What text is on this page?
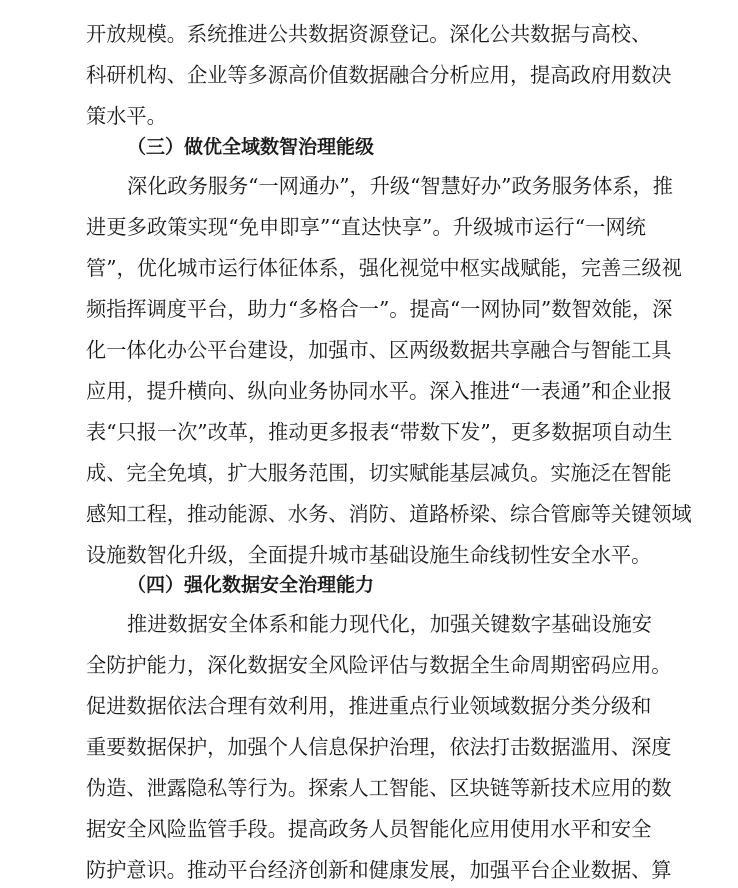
开放规模。系统推进公共数据资源登记。深化公共数据与高校、
科研机构、企业等多源高价值数据融合分析应用，提高政府用数决
策水平。
（三）做优全域数智治理能级
深化政务服务“一网通办”，升级“智慧好办”政务服务体系，推
进更多政策实现“免申即享”“直达快享”。升级城市运行“一网统
管”，优化城市运行体征体系，强化视觉中枢实战赋能，完善三级视
频指挥调度平台，助力“多格合一”。提高“一网协同”数智效能，深
化一体化办公平台建设，加强市、区两级数据共享融合与智能工具
应用，提升横向、纵向业务协同水平。深入推进“一表通”和企业报
表“只报一次”改革，推动更多报表“带数下发”，更多数据项自动生
成、完全免填，扩大服务范围，切实赋能基层减负。实施泛在智能
感知工程，推动能源、水务、消防、道路桥梁、综合管廊等关键领域
设施数智化升级，全面提升城市基础设施生命线韧性安全水平。
（四）强化数据安全治理能力
推进数据安全体系和能力现代化，加强关键数字基础设施安
全防护能力，深化数据安全风险评估与数据全生命周期密码应用。
促进数据依法合理有效利用，推进重点行业领域数据分类分级和
重要数据保护，加强个人信息保护治理，依法打击数据滥用、深度
伪造、泄露隐私等行为。探索人工智能、区块链等新技术应用的数
据安全风险监管手段。提高政务人员智能化应用使用水平和安全
防护意识。推动平台经济创新和健康发展，加强平台企业数据、算
